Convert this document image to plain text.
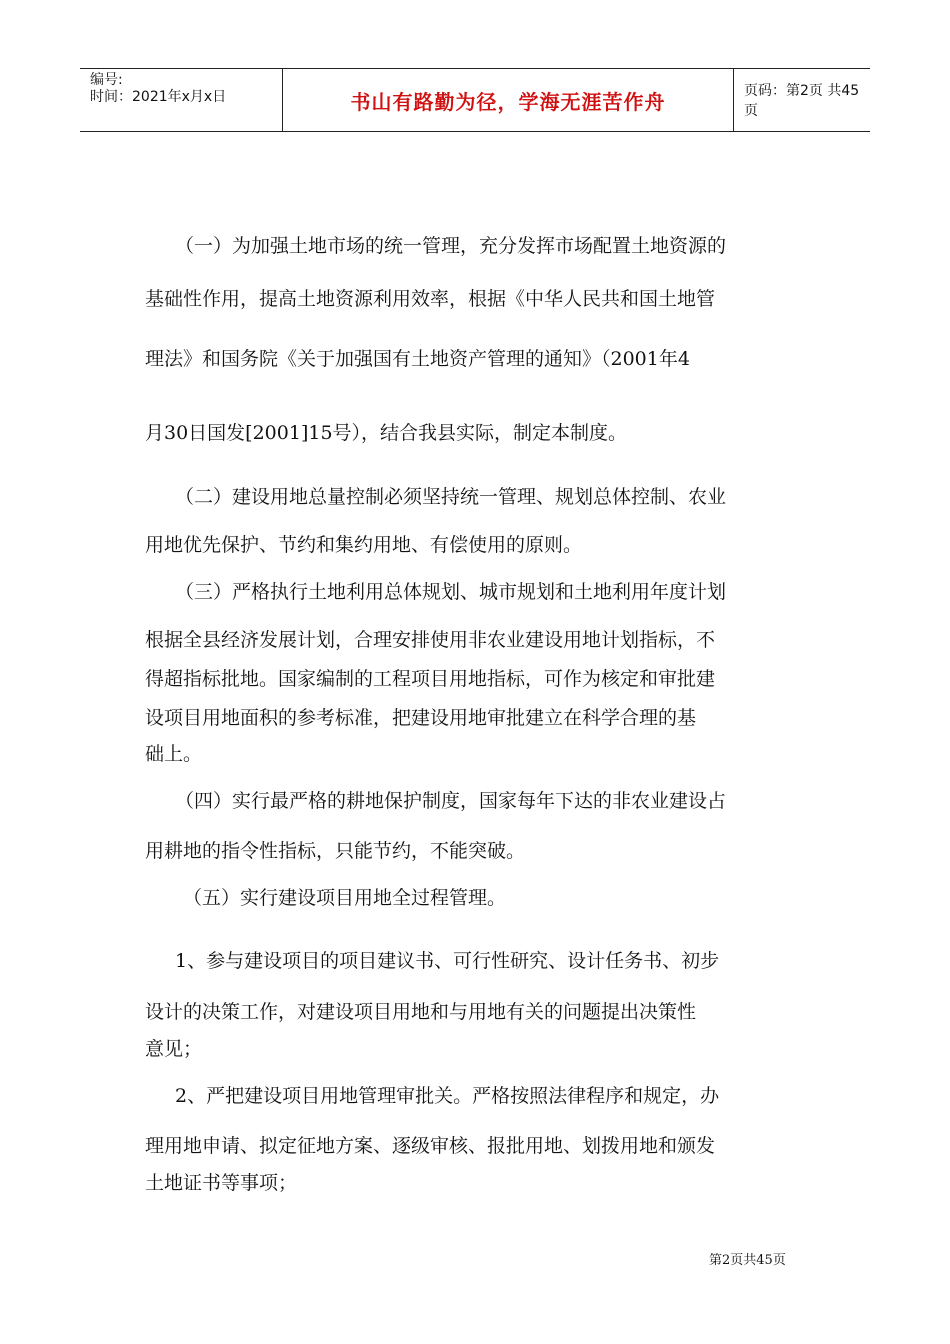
编号:
时间：2021年x月x日	书山有路勤为径，学海无涯苦作舟	页码：第2页 共45页
（一）为加强土地市场的统一管理，充分发挥市场配置土地资源的
基础性作用，提高土地资源利用效率，根据《中华人民共和国土地管
理法》和国务院《关于加强国有土地资产管理的通知》（2001年4
月30日国发[2001]15号），结合我县实际，制定本制度。
（二）建设用地总量控制必须坚持统一管理、规划总体控制、农业
用地优先保护、节约和集约用地、有偿使用的原则。
（三）严格执行土地利用总体规划、城市规划和土地利用年度计划
根据全县经济发展计划，合理安排使用非农业建设用地计划指标，不
得超指标批地。国家编制的工程项目用地指标，可作为核定和审批建
设项目用地面积的参考标准，把建设用地审批建立在科学合理的基
础上。
（四）实行最严格的耕地保护制度，国家每年下达的非农业建设占
用耕地的指令性指标，只能节约，不能突破。
（五）实行建设项目用地全过程管理。
1、参与建设项目的项目建议书、可行性研究、设计任务书、初步
设计的决策工作，对建设项目用地和与用地有关的问题提出决策性
意见；
2、严把建设项目用地管理审批关。严格按照法律程序和规定，办
理用地申请、拟定征地方案、逐级审核、报批用地、划拨用地和颁发
土地证书等事项；
第2页共45页
